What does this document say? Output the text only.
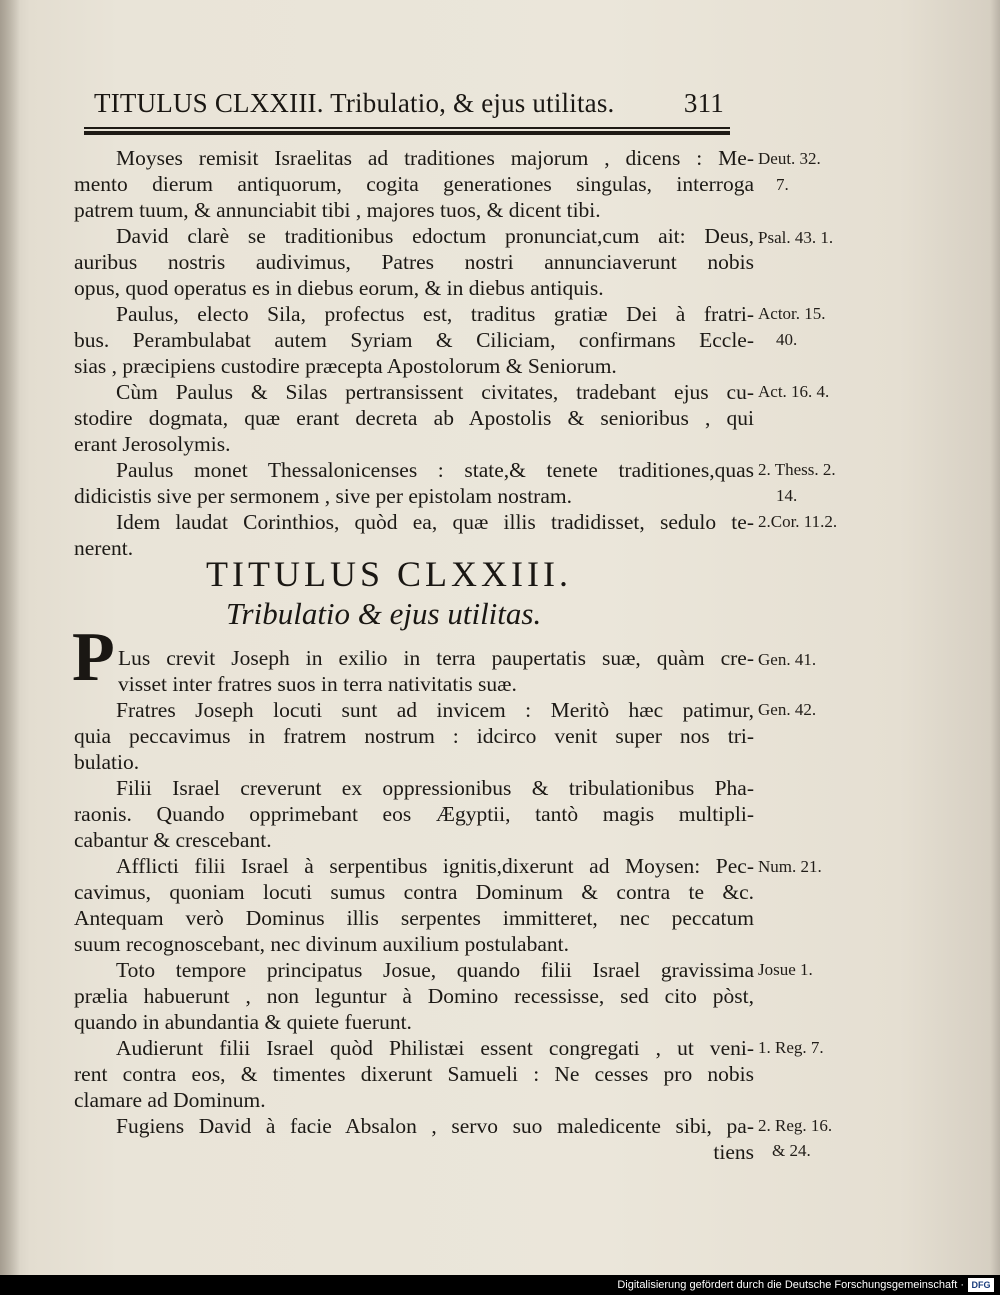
TITULUS CLXXIII. Tribulatio, & ejus utilitas.	311
Moyses remisit Israelitas ad traditiones majorum , dicens : Me-
mento dierum antiquorum, cogita generationes singulas, interroga
patrem tuum, & annunciabit tibi , majores tuos, & dicent tibi.
David clarè se traditionibus edoctum pronunciat,cum ait: Deus,
auribus nostris audivimus, Patres nostri annunciaverunt nobis
opus, quod operatus es in diebus eorum, & in diebus antiquis.
Paulus, electo Sila, profectus est, traditus gratiæ Dei à fratri-
bus. Perambulabat autem Syriam & Ciliciam, confirmans Eccle-
sias , præcipiens custodire præcepta Apostolorum & Seniorum.
Cùm Paulus & Silas pertransissent civitates, tradebant ejus cu-
stodire dogmata, quæ erant decreta ab Apostolis & senioribus , qui
erant Jerosolymis.
Paulus monet Thessalonicenses : state,& tenete traditiones,quas
didicistis sive per sermonem , sive per epistolam nostram.
Idem laudat Corinthios, quòd ea, quæ illis tradidisset, sedulo te-
nerent.
TITULUS CLXXIII.
Tribulatio & ejus utilitas.
P Lus crevit Joseph in exilio in terra paupertatis suæ, quàm cre-
visset inter fratres suos in terra nativitatis suæ.
Fratres Joseph locuti sunt ad invicem : Meritò hæc patimur,
quia peccavimus in fratrem nostrum : idcirco venit super nos tri-
bulatio.
Filii Israel creverunt ex oppressionibus & tribulationibus Pha-
raonis. Quando opprimebant eos Ægyptii, tantò magis multipli-
cabantur & crescebant.
Afflicti filii Israel à serpentibus ignitis,dixerunt ad Moysen: Pec-
cavimus, quoniam locuti sumus contra Dominum & contra te &c.
Antequam verò Dominus illis serpentes immitteret, nec peccatum
suum recognoscebant, nec divinum auxilium postulabant.
Toto tempore principatus Josue, quando filii Israel gravissima
prælia habuerunt , non leguntur à Domino recessisse, sed cito pòst,
quando in abundantia & quiete fuerunt.
Audierunt filii Israel quòd Philistæi essent congregati , ut veni-
rent contra eos, & timentes dixerunt Samueli : Ne cesses pro nobis
clamare ad Dominum.
Fugiens David à facie Absalon , servo suo maledicente sibi, pa-
tiens
Deut. 32.
7.
Psal. 43. 1.
Actor. 15.
40.
Act. 16. 4.
2. Thess. 2.
14.
2.Cor. 11.2.
Gen. 41.
Gen. 42.
Num. 21.
Josue 1.
1. Reg. 7.
2. Reg. 16.
& 24.
Digitalisierung gefördert durch die Deutsche Forschungsgemeinschaft · DFG
